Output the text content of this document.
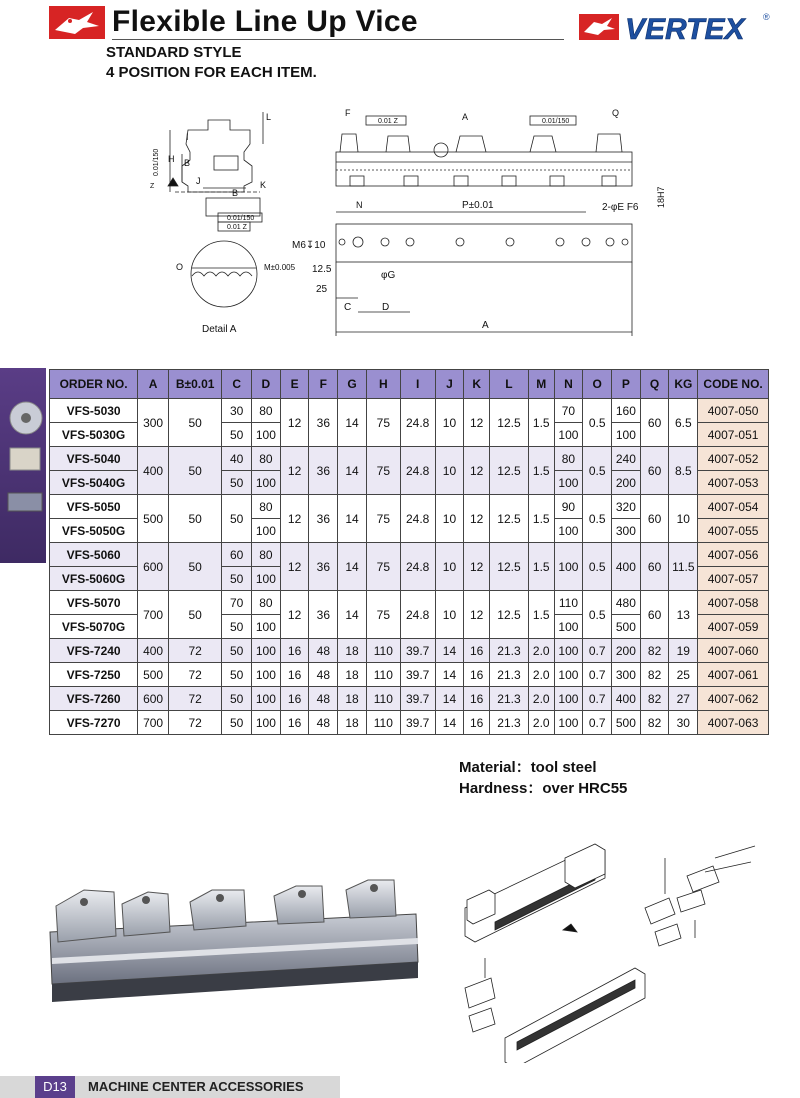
Flexible Line Up Vice	VERTEX ®
STANDARD STYLE
4 POSITION FOR EACH ITEM.
L
I
H B
J	K
B
0.01/150
Z
0.01/150
0.01 Z
O	M±0.005
Detail A
F	A	Q
0.01 Z	0.01/150
N	P±0.01	2-φE F6 18H7
M6↧10
φG
12.5
25
C	D
A
ORDER NO.	A	B±0.01	C	D	E	F	G	H	I	J	K	L	M	N	O	P	Q	KG	CODE NO.
VFS-5030	300	50	30	80	12	36	14	75	24.8	10	12	12.5	1.5	70	0.5	160	60	6.5	4007-050
VFS-5030G			50	100										100		100			4007-051
VFS-5040	400	50	40	80	12	36	14	75	24.8	10	12	12.5	1.5	80	0.5	240	60	8.5	4007-052
VFS-5040G			50	100										100		200			4007-053
VFS-5050	500	50	50	80	12	36	14	75	24.8	10	12	12.5	1.5	90	0.5	320	60	10	4007-054
VFS-5050G				100										100		300			4007-055
VFS-5060	600	50	60	80	12	36	14	75	24.8	10	12	12.5	1.5	100	0.5	400	60	11.5	4007-056
VFS-5060G			50	100															4007-057
VFS-5070	700	50	70	80	12	36	14	75	24.8	10	12	12.5	1.5	110	0.5	480	60	13	4007-058
VFS-5070G			50	100										100		500			4007-059
VFS-7240	400	72	50	100	16	48	18	110	39.7	14	16	21.3	2.0	100	0.7	200	82	19	4007-060
VFS-7250	500	72	50	100	16	48	18	110	39.7	14	16	21.3	2.0	100	0.7	300	82	25	4007-061
VFS-7260	600	72	50	100	16	48	18	110	39.7	14	16	21.3	2.0	100	0.7	400	82	27	4007-062
VFS-7270	700	72	50	100	16	48	18	110	39.7	14	16	21.3	2.0	100	0.7	500	82	30	4007-063
Material：tool steel
Hardness：over HRC55
D13	MACHINE CENTER ACCESSORIES
